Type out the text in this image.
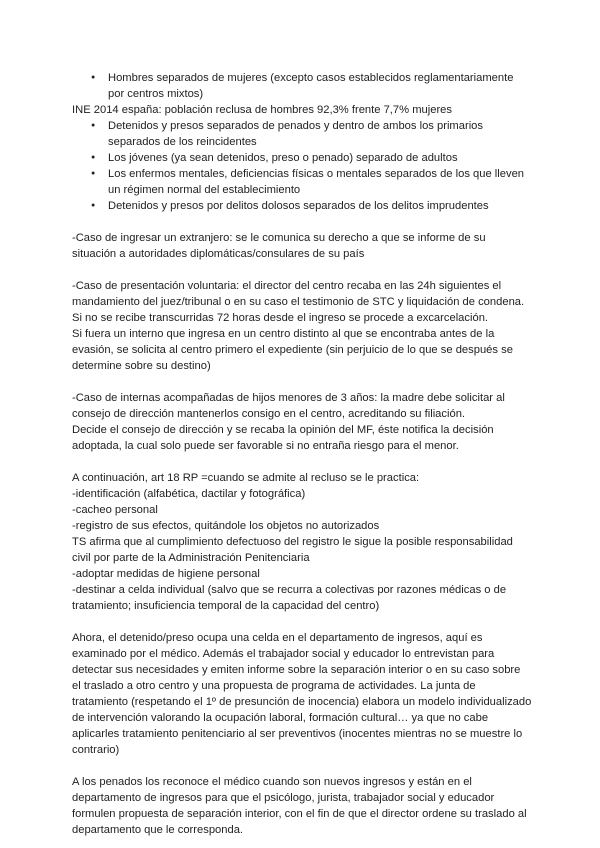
● Hombres separados de mujeres (excepto casos establecidos reglamentariamente por centros mixtos)

INE 2014 españa: población reclusa de hombres 92,3% frente 7,7% mujeres

● Detenidos y presos separados de penados y dentro de ambos los primarios separados de los reincidentes
● Los jóvenes (ya sean detenidos, preso o penado) separado de adultos
● Los enfermos mentales, deficiencias físicas o mentales separados de los que lleven un régimen normal del establecimiento
● Detenidos y presos por delitos dolosos separados de los delitos imprudentes

-Caso de ingresar un extranjero: se le comunica su derecho a que se informe de su situación a autoridades diplomáticas/consulares de su país

-Caso de presentación voluntaria: el director del centro recaba en las 24h siguientes el mandamiento del juez/tribunal o en su caso el testimonio de STC y liquidación de condena.

Si no se recibe transcurridas 72 horas desde el ingreso se procede a excarcelación.

Si fuera un interno que ingresa en un centro distinto al que se encontraba antes de la evasión, se solicita al centro primero el expediente (sin perjuicio de lo que se después se determine sobre su destino)

-Caso de internas acompañadas de hijos menores de 3 años: la madre debe solicitar al consejo de dirección mantenerlos consigo en el centro, acreditando su filiación.

Decide el consejo de dirección y se recaba la opinión del MF, éste notifica la decisión adoptada, la cual solo puede ser favorable si no entraña riesgo para el menor.

A continuación, art 18 RP =cuando se admite al recluso se le practica:

-identificación (alfabética, dactilar y fotográfica)

-cacheo personal

-registro de sus efectos, quitándole los objetos no autorizados

TS afirma que al cumplimiento defectuoso del registro le sigue la posible responsabilidad civil por parte de la Administración Penitenciaria

-adoptar medidas de higiene personal

-destinar a celda individual (salvo que se recurra a colectivas por razones médicas o de tratamiento; insuficiencia temporal de la capacidad del centro)

Ahora, el detenido/preso ocupa una celda en el departamento de ingresos, aquí es examinado por el médico. Además el trabajador social y educador lo entrevistan para detectar sus necesidades y emiten informe sobre la separación interior o en su caso sobre el traslado a otro centro y una propuesta de programa de actividades. La junta de tratamiento (respetando el 1º de presunción de inocencia) elabora un modelo individualizado de intervención valorando la ocupación laboral, formación cultural… ya que no cabe aplicarles tratamiento penitenciario al ser preventivos (inocentes mientras no se muestre lo contrario)

A los penados los reconoce el médico cuando son nuevos ingresos y están en el departamento de ingresos para que el psicólogo, jurista, trabajador social y educador formulen propuesta de separación interior, con el fin de que el director ordene su traslado al departamento que le corresponda.
